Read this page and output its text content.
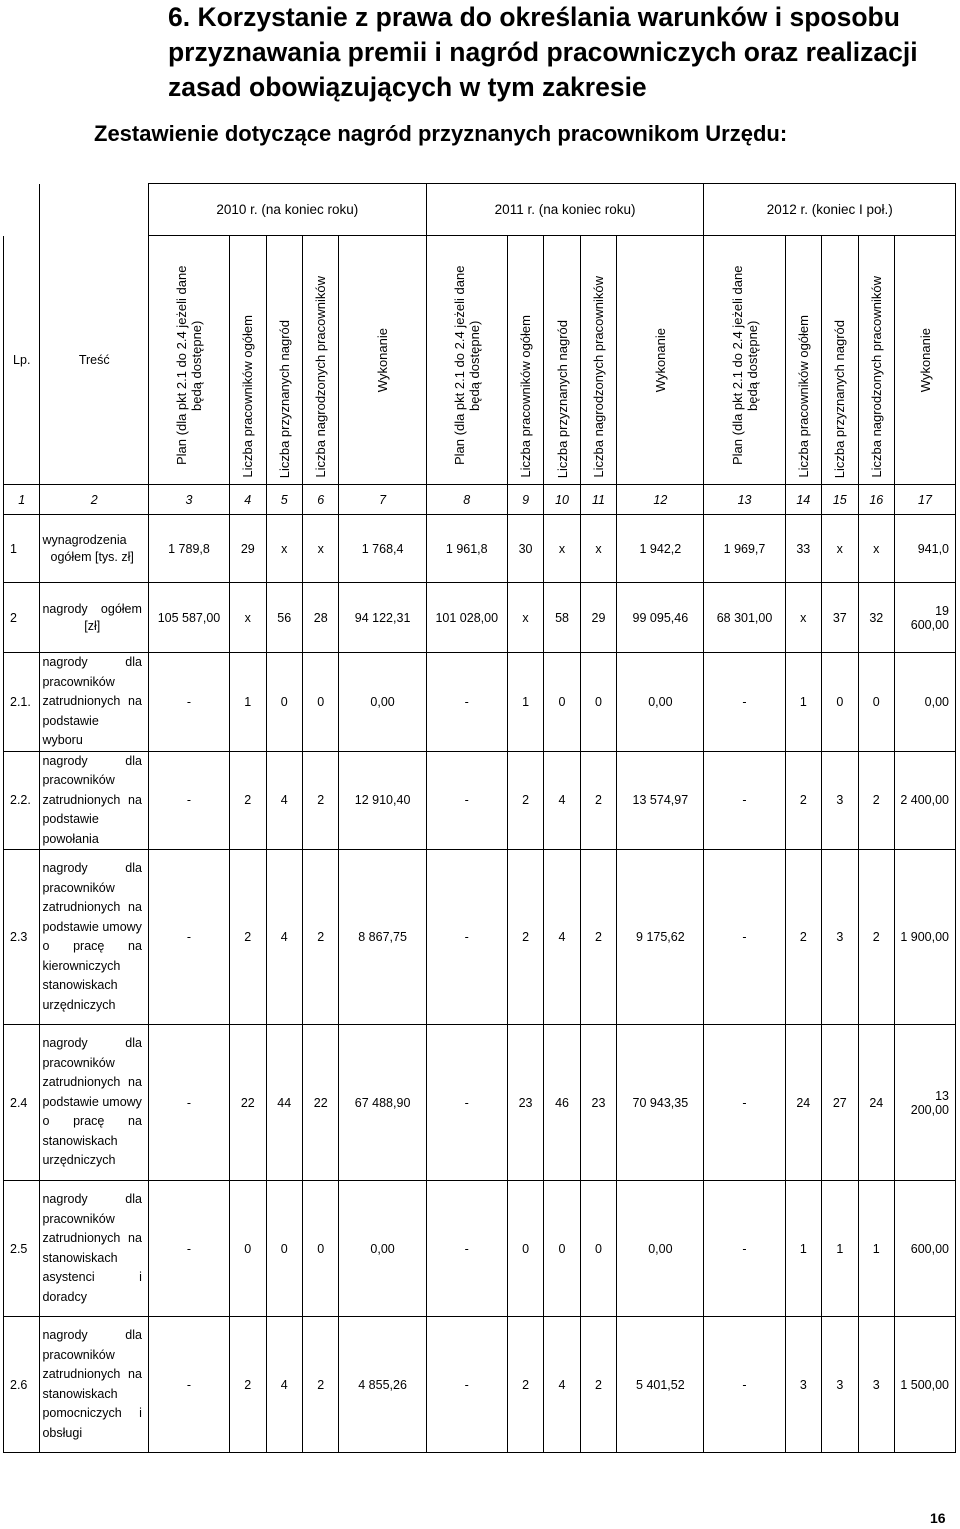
6. Korzystanie z prawa do określania warunków i sposobu przyznawania premii i nagród pracowniczych oraz realizacji zasad obowiązujących w tym zakresie
Zestawienie dotyczące nagród przyznanych pracownikom Urzędu:
		2010 r. (na koniec roku)					2011 r. (na koniec roku)					2012 r. (koniec I poł.)				
Lp.	Treść	Plan (dla pkt 2.1 do 2.4 jeżeli dane będą dostępne)	Liczba pracowników ogółem	Liczba przyznanych nagród	Liczba nagrodzonych pracowników	Wykonanie	Plan (dla pkt 2.1 do 2.4 jeżeli dane będą dostępne)	Liczba pracowników ogółem	Liczba przyznanych nagród	Liczba nagrodzonych pracowników	Wykonanie	Plan (dla pkt 2.1 do 2.4 jeżeli dane będą dostępne)	Liczba pracowników ogółem	Liczba przyznanych nagród	Liczba nagrodzonych pracowników	Wykonanie

1	2	3	4	5	6	7	8	9	10	11	12	13	14	15	16	17
1	wynagrodzenia ogółem [tys. zł]	1 789,8	29	x	x	1 768,4	1 961,8	30	x	x	1 942,2	1 969,7	33	x	x	941,0
2	nagrody ogółem [zł]	105 587,00	x	56	28	94 122,31	101 028,00	x	58	29	99 095,46	68 301,00	x	37	32	19 600,00
2.1.	nagrody dla pracowników zatrudnionych na podstawie wyboru	-	1	0	0	0,00	-	1	0	0	0,00	-	1	0	0	0,00
2.2.	nagrody dla pracowników zatrudnionych na podstawie powołania	-	2	4	2	12 910,40	-	2	4	2	13 574,97	-	2	3	2	2 400,00
2.3	nagrody dla pracowników zatrudnionych na podstawie umowy o pracę na kierowniczych stanowiskach urzędniczych	-	2	4	2	8 867,75	-	2	4	2	9 175,62	-	2	3	2	1 900,00
2.4	nagrody dla pracowników zatrudnionych na podstawie umowy o pracę na stanowiskach urzędniczych	-	22	44	22	67 488,90	-	23	46	23	70 943,35	-	24	27	24	13 200,00
2.5	nagrody dla pracowników zatrudnionych na stanowiskach asystenci i doradcy	-	0	0	0	0,00	-	0	0	0	0,00	-	1	1	1	600,00
2.6	nagrody dla pracowników zatrudnionych na stanowiskach pomocniczych i obsługi	-	2	4	2	4 855,26	-	2	4	2	5 401,52	-	3	3	3	1 500,00
16
